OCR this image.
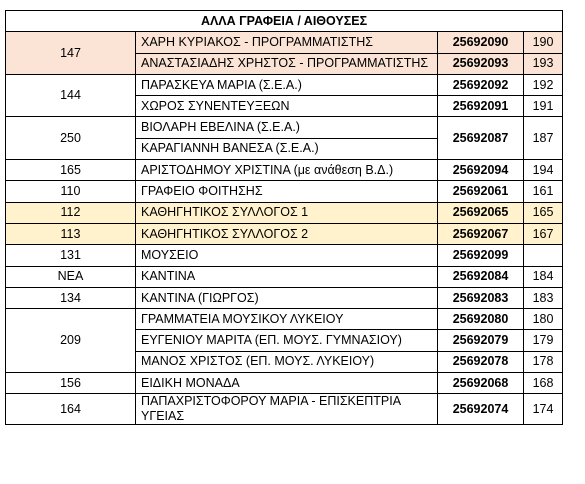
ΑΛΛΑ ΓΡΑΦΕΙΑ / ΑΙΘΟΥΣΕΣ			
147	ΧΑΡΗ ΚΥΡΙΑΚΟΣ - ΠΡΟΓΡΑΜΜΑΤΙΣΤΗΣ	25692090	190
	ΑΝΑΣΤΑΣΙΑΔΗΣ ΧΡΗΣΤΟΣ - ΠΡΟΓΡΑΜΜΑΤΙΣΤΗΣ	25692093	193
144	ΠΑΡΑΣΚΕΥΑ ΜΑΡΙΑ (Σ.Ε.Α.)	25692092	192
	ΧΩΡΟΣ ΣΥΝΕΝΤΕΥΞΕΩΝ	25692091	191
250	ΒΙΟΛΑΡΗ ΕΒΕΛΙΝΑ (Σ.Ε.Α.)	25692087	187
	ΚΑΡΑΓΙΑΝΝΗ ΒΑΝΕΣΑ (Σ.Ε.Α.)		
165	ΑΡΙΣΤΟΔΗΜΟΥ ΧΡΙΣΤΙΝΑ (με ανάθεση Β.Δ.)	25692094	194
110	ΓΡΑΦΕΙΟ ΦΟΙΤΗΣΗΣ	25692061	161
112	ΚΑΘΗΓΗΤΙΚΟΣ ΣΥΛΛΟΓΟΣ 1	25692065	165
113	ΚΑΘΗΓΗΤΙΚΟΣ ΣΥΛΛΟΓΟΣ 2	25692067	167
131	ΜΟΥΣΕΙΟ	25692099	
ΝΕΑ	ΚΑΝΤΙΝΑ	25692084	184
134	ΚΑΝΤΙΝΑ (ΓΙΩΡΓΟΣ)	25692083	183
209	ΓΡΑΜΜΑΤΕΙΑ ΜΟΥΣΙΚΟΥ ΛΥΚΕΙΟΥ	25692080	180
	ΕΥΓΕΝΙΟΥ ΜΑΡΙΤΑ (ΕΠ. ΜΟΥΣ. ΓΥΜΝΑΣΙΟΥ)	25692079	179
	ΜΑΝΟΣ ΧΡΙΣΤΟΣ (ΕΠ. ΜΟΥΣ. ΛΥΚΕΙΟΥ)	25692078	178
156	ΕΙΔΙΚΗ ΜΟΝΑΔΑ	25692068	168
164	ΠΑΠΑΧΡΙΣΤΟΦΟΡΟΥ ΜΑΡΙΑ - ΕΠΙΣΚΕΠΤΡΙΑ ΥΓΕΙΑΣ	25692074	174
